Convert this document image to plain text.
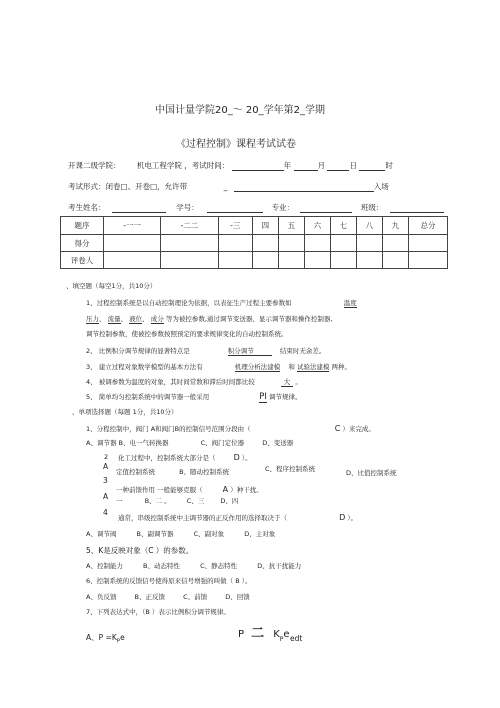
中国计量学院20_〜 20_学年第2_学期
《过程控制》课程考试试卷
开课二级学院： 机电工程学院 ，考试时间：	年	月	日	时
考试形式：闭卷□、开卷□，允许带	_	入场
考生姓名：	学号：	专业：	班级：
题序	-一一	-二二	-三	四	五	六	七	八	九	总分
得分										
评卷人										
、填空题（每空1分，共10分）
1、过程控制系统是以自动控制理论为依据，以表征生产过程主要参数如	温度
压力、 流量、 液位、 成分 等为被控参数,通过调节变送器、显示调节器和操作控制器,
调节控制参数，使被控参数按照预定的要求规律变化的自动控制系统。
2、 比例积分调节规律的显著特点是	积分调节	结束时无余差。
3、 建立过程对象数学模型的基本方法有	机理分析法建模 和 试验法建模 两种。
4、 被调参数为温度的对象，其时间常数和滞后时间都比较	大 。
5、 简单均匀控制系统中的调节器一般采用	PI 调节规律。
、单项选择题（每题 1分，共10分）
1、分程控制中，阀门 A和阀门B的控制信号范围分段由（	C ）来完成。
A、调节器 B、电一气转换器	C、阀门定位器	D、变送器
2 化工过程中，控制系统大部分是（ D ）。
A
定值控制系统	B、随动控制系统	C、程序控制系统	D、比值控制系统
3
一种前馈作用 一般能够克服（	A ）种干扰。
A 一	B、二 。 C、三 D、四
4
通常，串级控制系统中主调节器的正反作用的选择取决于（	D ）。
A、调节阀	B、副调节器	C、副对象	D、主对象
5、K是反映对象（C ）的参数。
A、控制能力	B、动态特性	C、静态特性	D、抗干扰能力
6、控制系统的反馈信号使得原来信号增强的叫做（ B ）。
A、负反馈	B、正反馈	C、前馈	D、回馈
7、下列表达式中，（B ）表示比例积分调节规律。
A、$P =K_Pe$	P 二 $K_Pe$ edt
